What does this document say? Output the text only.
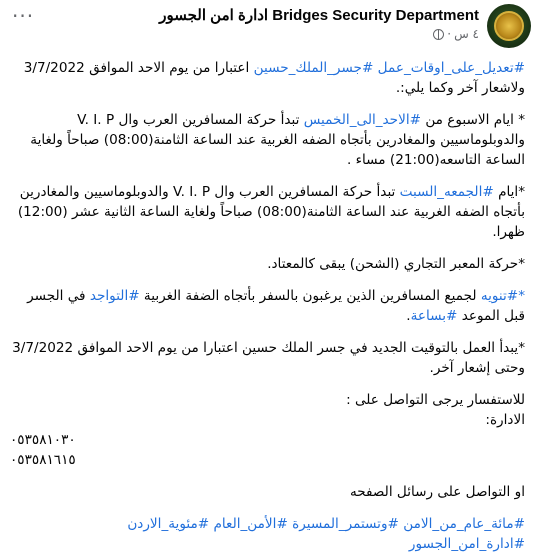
···	Bridges Security Department ادارة امن الجسور
٤ س
·

#تعديل_على_اوقات_عمل #جسر_الملك_حسين اعتبارا من يوم الاحد الموافق 3/7/2022 ولاشعار آخر وكما يلي:.

* ايام الاسبوع من #الاحد_الى_الخميس تبدأ حركة المسافرين العرب وال V. I. P والدوبلوماسيين والمغادرين بأتجاه الضفه الغربية عند الساعة الثامنة(08:00) صباحاً ولغاية الساعة التاسعه(21:00) مساء .

*ايام #الجمعه_السبت تبدأ حركة المسافرين العرب وال V. I. P والدوبلوماسيين والمغادرين بأتجاه الضفه الغربية عند الساعة الثامنة(08:00) صباحاً ولغاية الساعة الثانية عشر (12:00) ظهرا.

*حركة المعبر التجاري (الشحن) يبقى كالمعتاد.

*#تنويه لجميع المسافرين الذين يرغبون بالسفر بأتجاه الضفة الغربية #التواجد في الجسر قبل الموعد #بساعة.

*يبدأ العمل بالتوقيت الجديد في جسر الملك حسين اعتبارا من يوم الاحد الموافق 3/7/2022 وحتى إشعار آخر.

للاستفسار يرجى التواصل على :

الادارة:

٠٥٣٥٨١٠٣٠

٠٥٣٥٨١٦١٥

او التواصل على رسائل الصفحه

#مائة_عام_من_الامن #وتستمر_المسيرة #الأمن_العام #مئوية_الاردن

#ادارة_امن_الجسور
